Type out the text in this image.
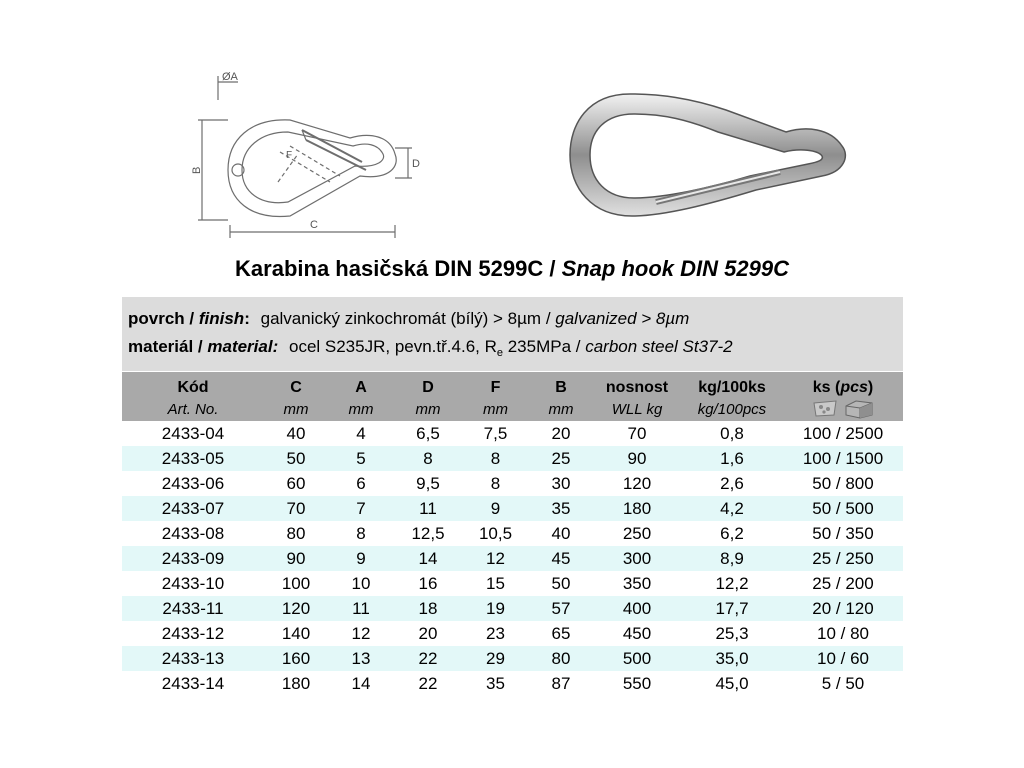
ØA
B
C
D
F
Karabina hasičská DIN 5299C / Snap hook DIN 5299C
povrch / finish: galvanický zinkochromát (bílý) > 8µm / galvanized > 8µm
materiál / material: ocel S235JR, pevn.tř.4.6, $R_e$ 235MPa / carbon steel St37-2
Kód	C	A	D	F	B	nosnost	kg/100ks	ks (pcs)
Art. No.	mm	mm	mm	mm	mm	WLL kg	kg/100pcs	

2433-04	40	4	6,5	7,5	20	70	0,8	100 / 2500
2433-05	50	5	8	8	25	90	1,6	100 / 1500
2433-06	60	6	9,5	8	30	120	2,6	50 / 800
2433-07	70	7	11	9	35	180	4,2	50 / 500
2433-08	80	8	12,5	10,5	40	250	6,2	50 / 350
2433-09	90	9	14	12	45	300	8,9	25 / 250
2433-10	100	10	16	15	50	350	12,2	25 / 200
2433-11	120	11	18	19	57	400	17,7	20 / 120
2433-12	140	12	20	23	65	450	25,3	10 / 80
2433-13	160	13	22	29	80	500	35,0	10 / 60
2433-14	180	14	22	35	87	550	45,0	5 / 50
